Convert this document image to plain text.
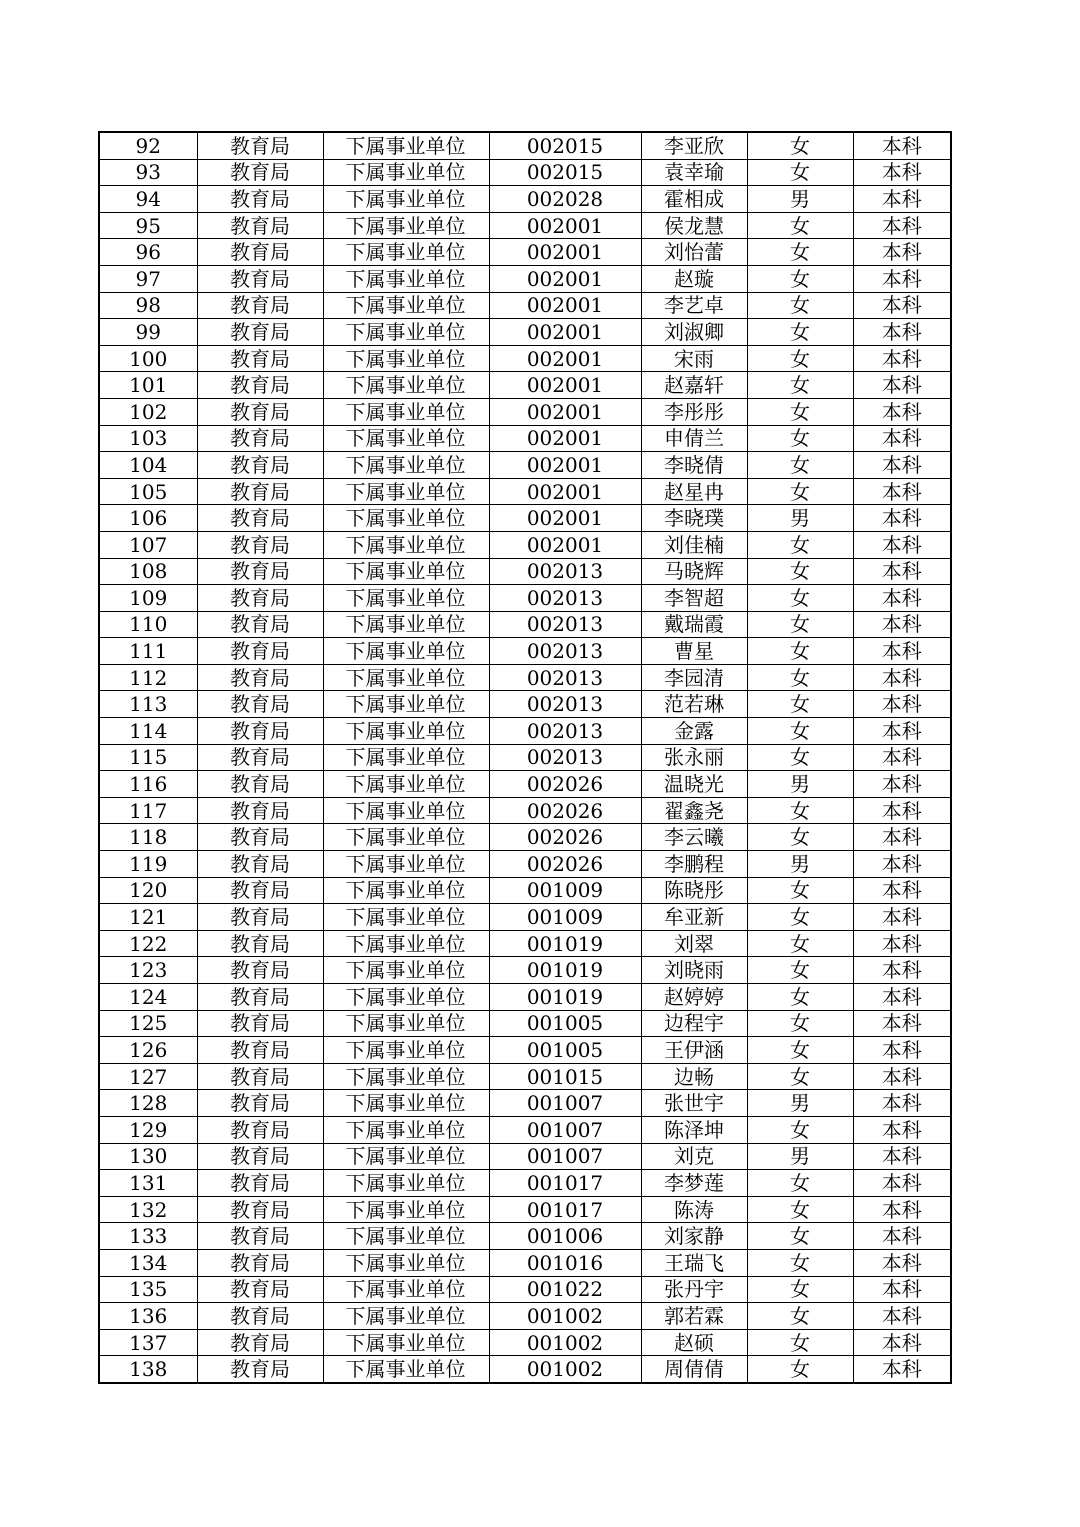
92	教育局	下属事业单位	002015	李亚欣	女	本科
93	教育局	下属事业单位	002015	袁幸瑜	女	本科
94	教育局	下属事业单位	002028	霍相成	男	本科
95	教育局	下属事业单位	002001	侯龙慧	女	本科
96	教育局	下属事业单位	002001	刘怡蕾	女	本科
97	教育局	下属事业单位	002001	赵璇	女	本科
98	教育局	下属事业单位	002001	李艺卓	女	本科
99	教育局	下属事业单位	002001	刘淑卿	女	本科
100	教育局	下属事业单位	002001	宋雨	女	本科
101	教育局	下属事业单位	002001	赵嘉轩	女	本科
102	教育局	下属事业单位	002001	李彤彤	女	本科
103	教育局	下属事业单位	002001	申倩兰	女	本科
104	教育局	下属事业单位	002001	李晓倩	女	本科
105	教育局	下属事业单位	002001	赵星冉	女	本科
106	教育局	下属事业单位	002001	李晓璞	男	本科
107	教育局	下属事业单位	002001	刘佳楠	女	本科
108	教育局	下属事业单位	002013	马晓辉	女	本科
109	教育局	下属事业单位	002013	李智超	女	本科
110	教育局	下属事业单位	002013	戴瑞霞	女	本科
111	教育局	下属事业单位	002013	曹星	女	本科
112	教育局	下属事业单位	002013	李园清	女	本科
113	教育局	下属事业单位	002013	范若琳	女	本科
114	教育局	下属事业单位	002013	金露	女	本科
115	教育局	下属事业单位	002013	张永丽	女	本科
116	教育局	下属事业单位	002026	温晓光	男	本科
117	教育局	下属事业单位	002026	翟鑫尧	女	本科
118	教育局	下属事业单位	002026	李云曦	女	本科
119	教育局	下属事业单位	002026	李鹏程	男	本科
120	教育局	下属事业单位	001009	陈晓彤	女	本科
121	教育局	下属事业单位	001009	牟亚新	女	本科
122	教育局	下属事业单位	001019	刘翠	女	本科
123	教育局	下属事业单位	001019	刘晓雨	女	本科
124	教育局	下属事业单位	001019	赵婷婷	女	本科
125	教育局	下属事业单位	001005	边程宇	女	本科
126	教育局	下属事业单位	001005	王伊涵	女	本科
127	教育局	下属事业单位	001015	边畅	女	本科
128	教育局	下属事业单位	001007	张世宇	男	本科
129	教育局	下属事业单位	001007	陈泽坤	女	本科
130	教育局	下属事业单位	001007	刘克	男	本科
131	教育局	下属事业单位	001017	李梦莲	女	本科
132	教育局	下属事业单位	001017	陈涛	女	本科
133	教育局	下属事业单位	001006	刘家静	女	本科
134	教育局	下属事业单位	001016	王瑞飞	女	本科
135	教育局	下属事业单位	001022	张丹宇	女	本科
136	教育局	下属事业单位	001002	郭若霖	女	本科
137	教育局	下属事业单位	001002	赵硕	女	本科
138	教育局	下属事业单位	001002	周倩倩	女	本科
